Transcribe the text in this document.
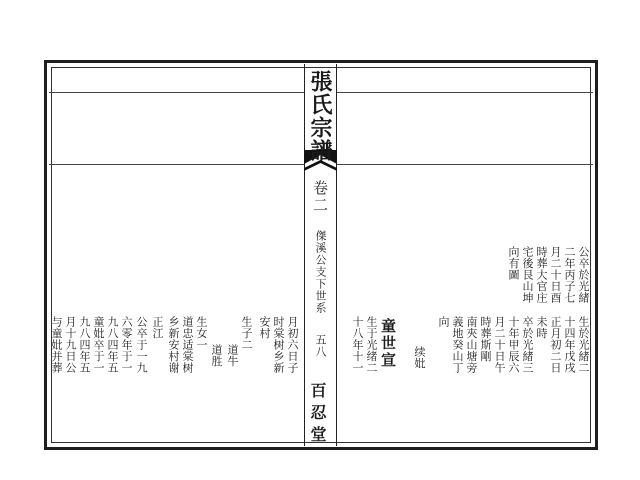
張氏宗譜
卷二
傑溪公支下世系
五八
百忍堂
公卒於光緒
二年丙子七
月二十日酉
時葬大官庄
宅後艮山坤
向有圖
生於光緒二
十四年戊戌
正月初二日
未時
卒於光緒三
十年甲辰六
月二十日午
時葬斯剛
南夾山塘旁
義地癸山丁
向
续妣
童世宣
生于光绪二
十八年十一
月初六日子
时棠树乡新
安村
生子二
道牛
道胜
生女一
道忠适棠树
乡新安村谢
正江
公卒于一九
六零年于一
九八四年五
童妣卒于一
九八四年五
月十九日公
与童妣并葬
